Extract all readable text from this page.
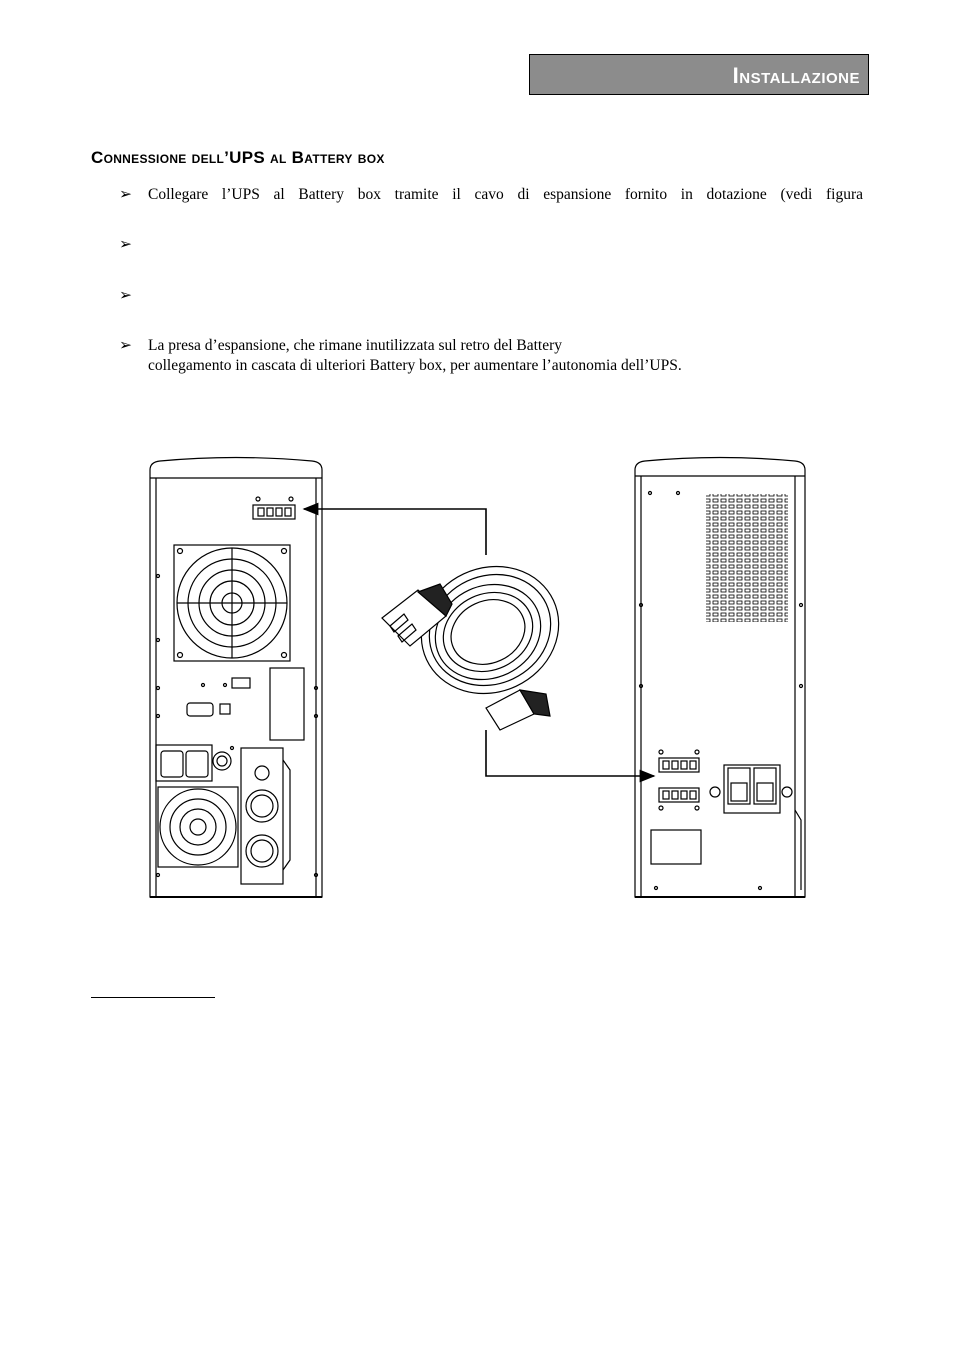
Installazione
Connessione dell’UPS al Battery box
➢ Collegare l’UPS al Battery box tramite il cavo di espansione fornito in dotazione (vedi figura
➢
➢
➢ La presa d’espansione, che rimane inutilizzata sul retro del Battery
collegamento in cascata di ulteriori Battery box, per aumentare l’autonomia dell’UPS.
